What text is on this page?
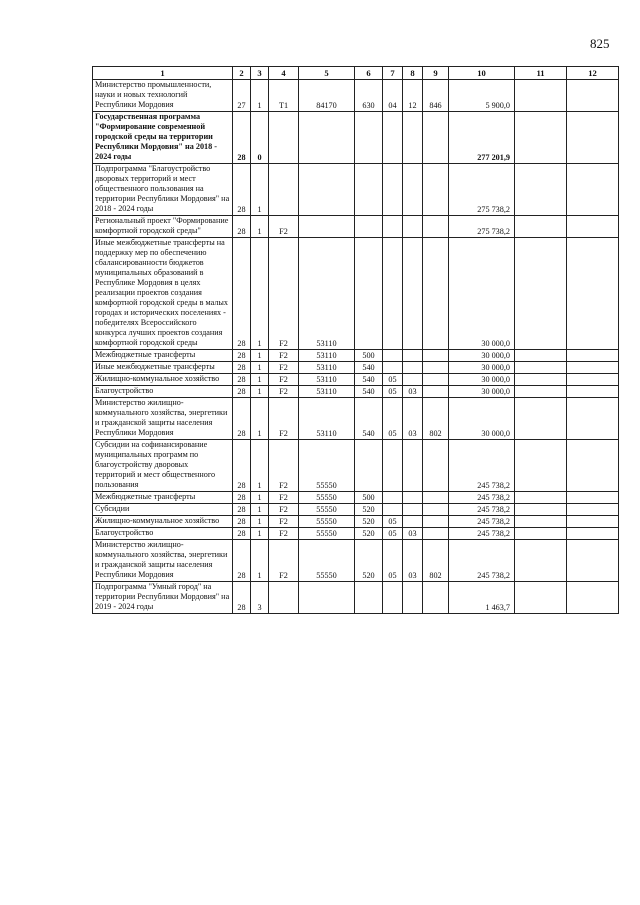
825
1	2	3	4	5	6	7	8	9	10	11	12
Министерство промышленности, науки и новых технологий Республики Мордовия	27	1	Т1	84170	630	04	12	846	5 900,0		
Государственная программа "Формирование современной городской среды на территории Республики Мордовия" на 2018 - 2024 годы	28	0							277 201,9		
Подпрограмма "Благоустройство дворовых территорий и мест общественного пользования на территории Республики Мордовия" на 2018 - 2024 годы	28	1							275 738,2		
Региональный проект "Формирование комфортной городской среды"	28	1	F2						275 738,2		
Иные межбюджетные трансферты на поддержку мер по обеспечению сбалансированности бюджетов муниципальных образований в Республике Мордовия в целях реализации проектов создания комфортной городской среды в малых городах и исторических поселениях - победителях Всероссийского конкурса лучших проектов создания комфортной городской среды	28	1	F2	53110					30 000,0		
Межбюджетные трансферты	28	1	F2	53110	500				30 000,0		
Иные межбюджетные трансферты	28	1	F2	53110	540				30 000,0		
Жилищно-коммунальное хозяйство	28	1	F2	53110	540	05			30 000,0		
Благоустройство	28	1	F2	53110	540	05	03		30 000,0		
Министерство жилищно-коммунального хозяйства, энергетики и гражданской защиты населения Республики Мордовия	28	1	F2	53110	540	05	03	802	30 000,0		
Субсидии на софинансирование муниципальных программ по благоустройству дворовых территорий и мест общественного пользования	28	1	F2	55550					245 738,2		
Межбюджетные трансферты	28	1	F2	55550	500				245 738,2		
Субсидии	28	1	F2	55550	520				245 738,2		
Жилищно-коммунальное хозяйство	28	1	F2	55550	520	05			245 738,2		
Благоустройство	28	1	F2	55550	520	05	03		245 738,2		
Министерство жилищно-коммунального хозяйства, энергетики и гражданской защиты населения Республики Мордовия	28	1	F2	55550	520	05	03	802	245 738,2		
Подпрограмма "Умный город" на территории Республики Мордовия" на 2019 - 2024 годы	28	3							1 463,7		
